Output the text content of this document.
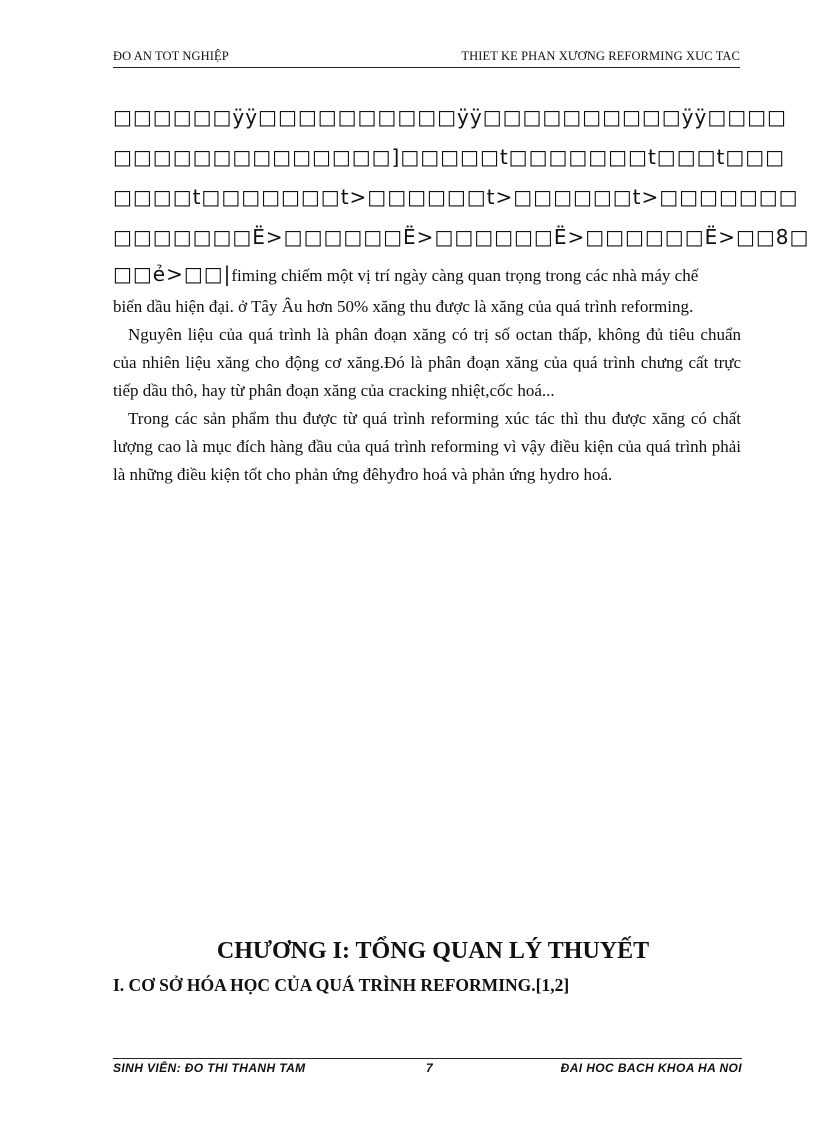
ĐO AN TOT NGHIỆP	THIET KE PHAN XƯƠNG REFORMING XUC TAC
□□□□□□ÿÿ□□□□□□□□□□ÿÿ□□□□□□□□□□ÿÿ□□□□
□□□□□□□□□□□□□□]□□□□□t□□□□□□□t□□□t□□□
□□□□t□□□□□□□t>□□□□□□t>□□□□□□t>□□□□□□□
□□□□□□□Ë>□□□□□□Ë>□□□□□□Ë>□□□□□□Ë>□□8□
□□ẻ>□□|fiming chiếm một vị trí ngày càng quan trọng trong các nhà máy chế

biến dầu hiện đại. ở Tây Âu hơn 50% xăng thu được là xăng của quá trình reforming.

Nguyên liệu của quá trình là phân đoạn xăng có trị số octan thấp, không đủ tiêu chuẩn của nhiên liệu xăng cho động cơ xăng.Đó là phân đoạn xăng của quá trình chưng cất trực tiếp dầu thô, hay từ phân đoạn xăng của cracking nhiệt,cốc hoá...

Trong các sản phẩm thu được từ quá trình reforming xúc tác thì thu được xăng có chất lượng cao là mục đích hàng đầu của quá trình reforming vì vậy điều kiện của quá trình phải là những điều kiện tốt cho phản ứng đêhyđro hoá và phản ứng hydro hoá.

CHƯƠNG I: TỔNG QUAN LÝ THUYẾT
I. CƠ SỞ HÓA HỌC CỦA QUÁ TRÌNH REFORMING.[1,2]
SINH VIÊN: ĐO THI THANH TAM	7	ĐAI HOC BACH KHOA HA NOI
